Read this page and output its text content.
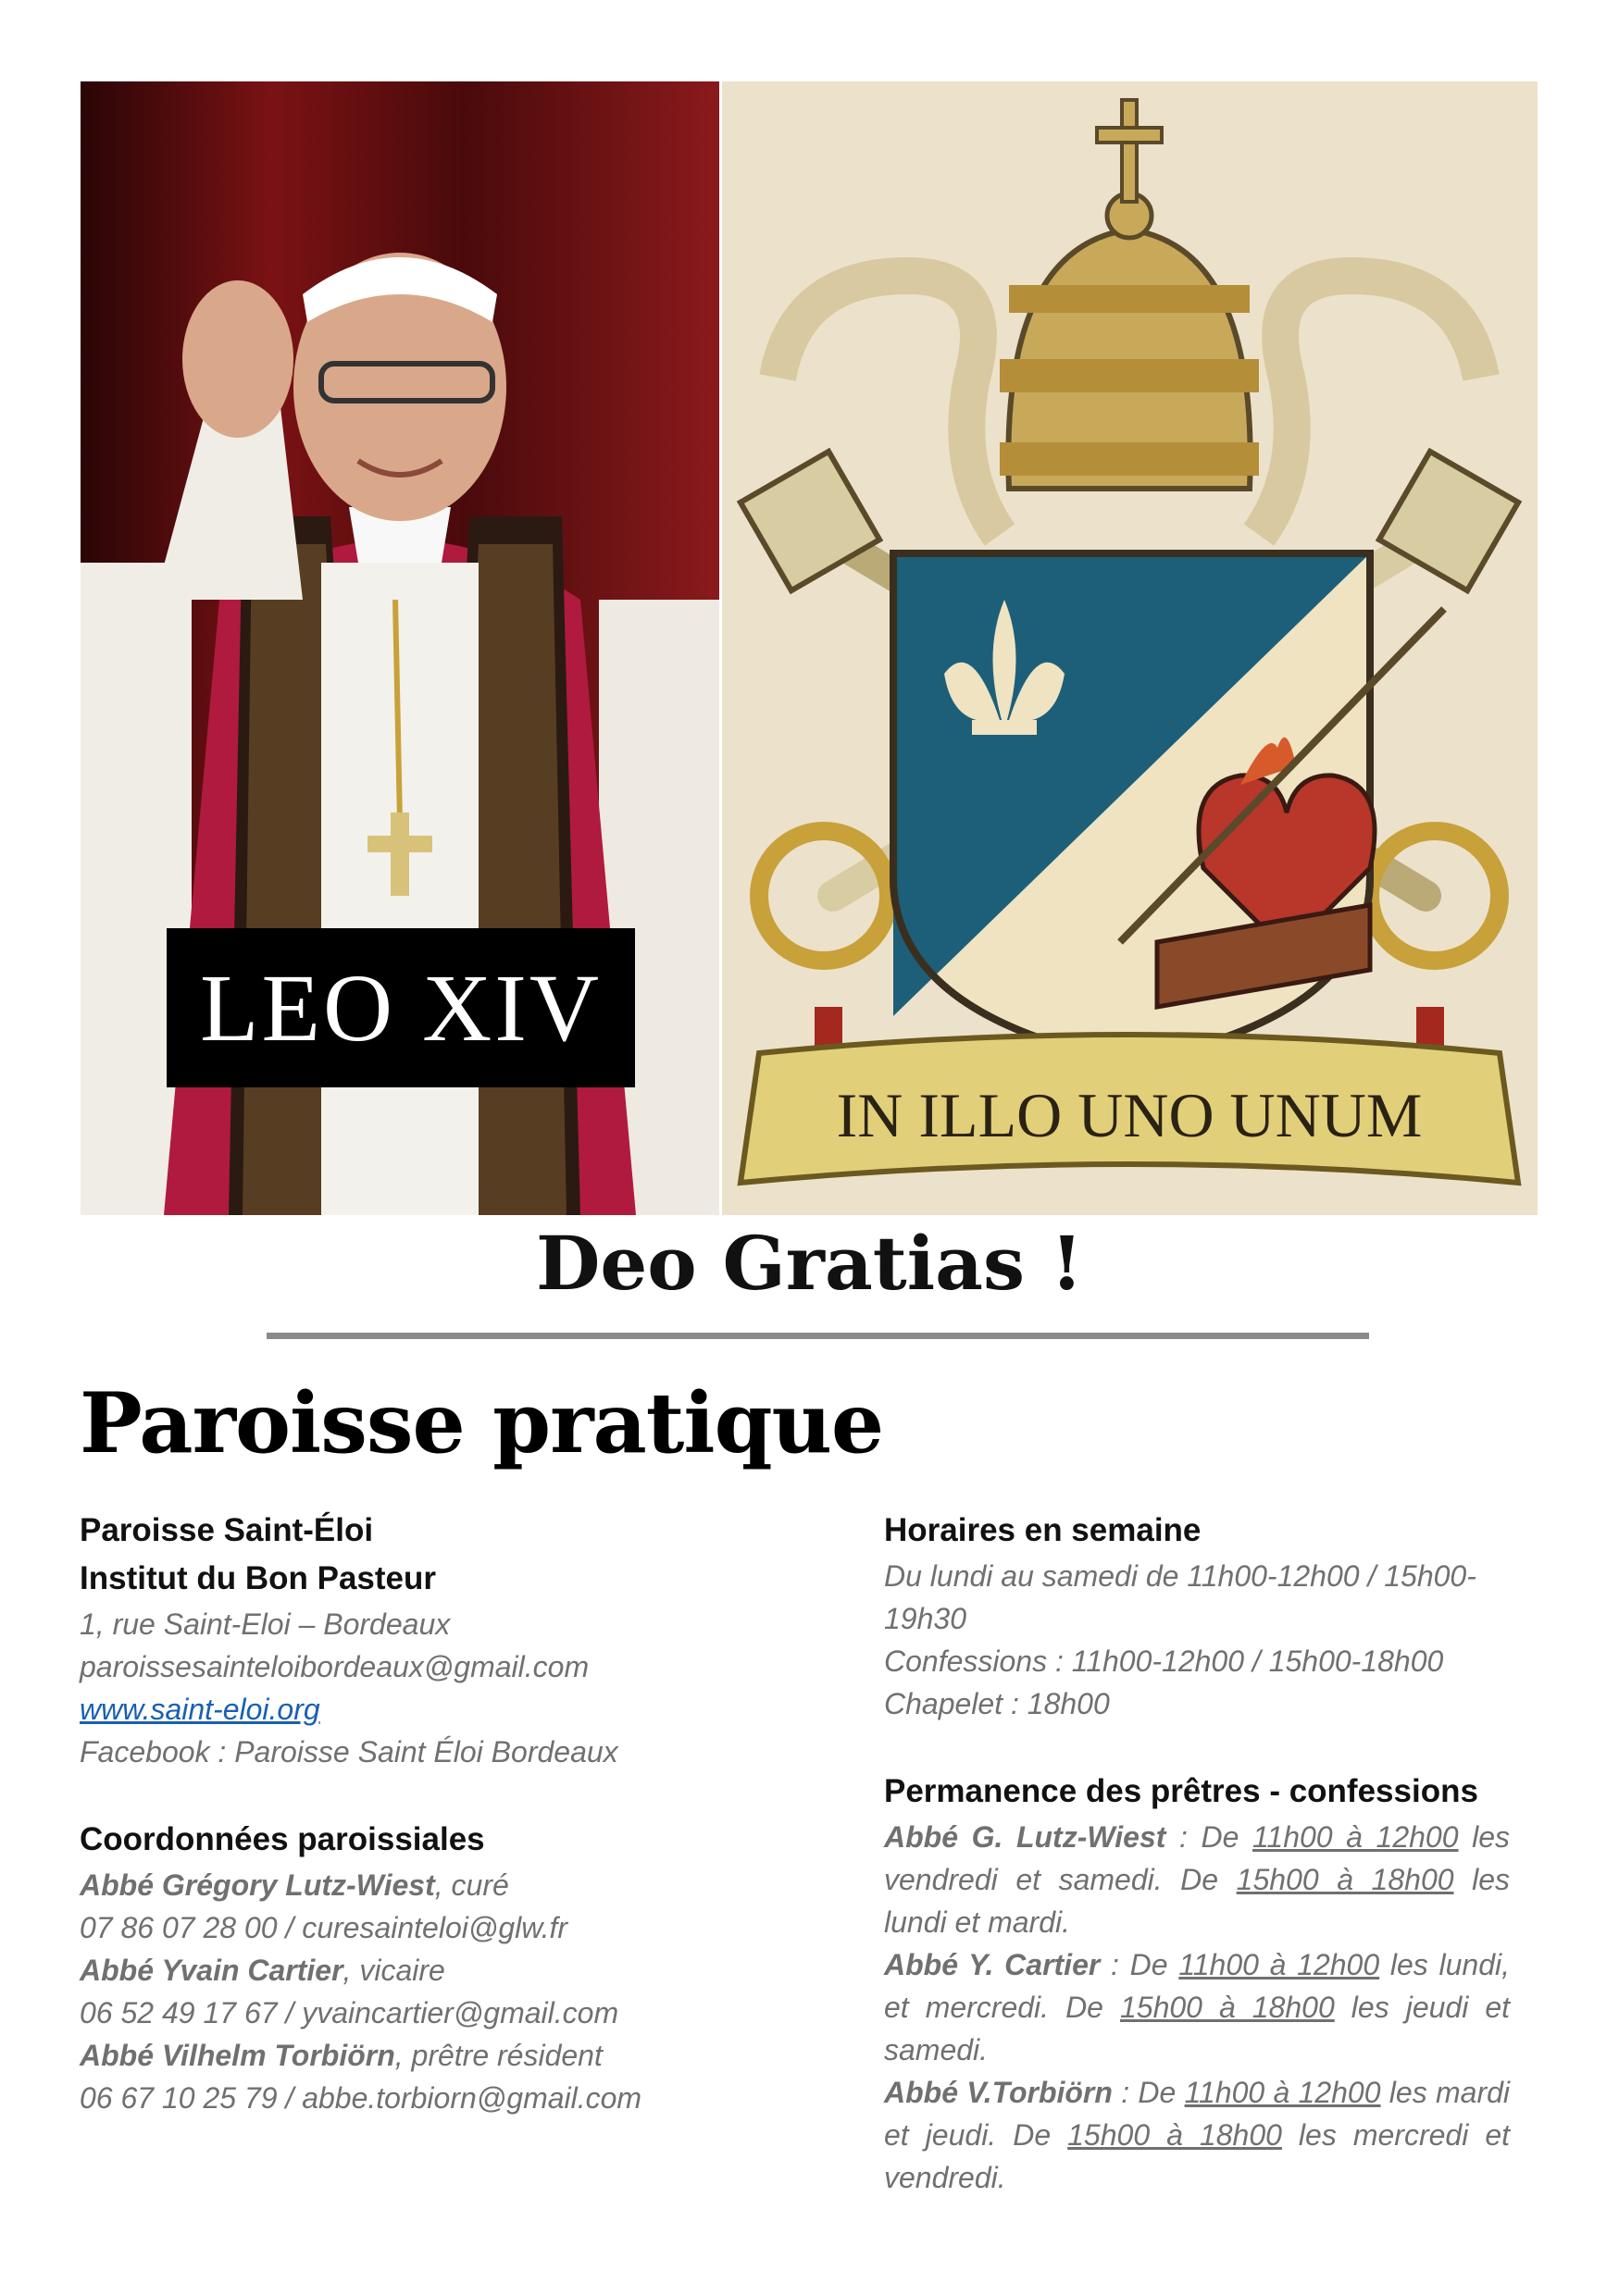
LEO XIV
IN ILLO UNO UNUM
Deo Gratias !
Paroisse pratique
Paroisse Saint-Éloi
Institut du Bon Pasteur
1, rue Saint-Eloi – Bordeaux
paroissesainteloibordeaux@gmail.com
www.saint-eloi.org
Facebook : Paroisse Saint Éloi Bordeaux
Coordonnées paroissiales
Abbé Grégory Lutz-Wiest, curé
07 86 07 28 00 / curesainteloi@glw.fr
Abbé Yvain Cartier, vicaire
06 52 49 17 67 / yvaincartier@gmail.com
Abbé Vilhelm Torbiörn, prêtre résident
06 67 10 25 79 / abbe.torbiorn@gmail.com
Horaires en semaine
Du lundi au samedi de 11h00-12h00 / 15h00-19h30
Confessions : 11h00-12h00 / 15h00-18h00
Chapelet : 18h00
Permanence des prêtres - confessions
Abbé G. Lutz-Wiest : De 11h00 à 12h00 les vendredi et samedi. De 15h00 à 18h00 les lundi et mardi.
Abbé Y. Cartier : De 11h00 à 12h00 les lundi, et mercredi. De 15h00 à 18h00 les jeudi et samedi.
Abbé V.Torbiörn : De 11h00 à 12h00 les mardi et jeudi. De 15h00 à 18h00 les mercredi et vendredi.
